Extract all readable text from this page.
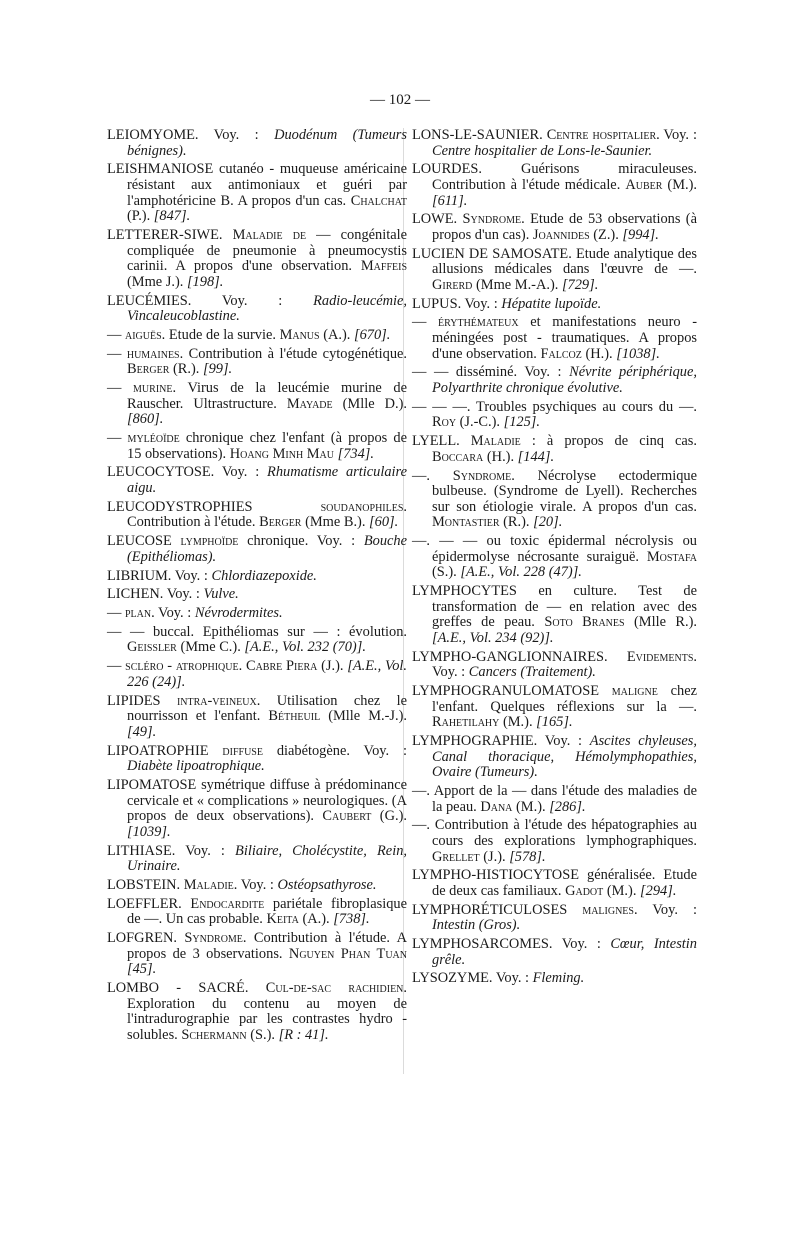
— 102 —

LEIOMYOME. Voy. : Duodénum (Tumeurs bénignes).

LEISHMANIOSE cutanéo - muqueuse américaine résistant aux antimoniaux et guéri par l'amphotéricine B. A propos d'un cas. Chalchat (P.). [847].

LETTERER-SIWE. Maladie de — congénitale compliquée de pneumonie à pneumocystis carinii. A propos d'une observation. Maffeis (Mme J.). [198].

LEUCÉMIES. Voy. : Radio-leucémie, Vincaleucoblastine.

— aiguës. Etude de la survie. Manus (A.). [670].

— humaines. Contribution à l'étude cytogénétique. Berger (R.). [99].

— murine. Virus de la leucémie murine de Rauscher. Ultrastructure. Mayade (Mlle D.). [860].

— myléoïde chronique chez l'enfant (à propos de 15 observations). Hoang Minh Mau [734].

LEUCOCYTOSE. Voy. : Rhumatisme articulaire aigu.

LEUCODYSTROPHIES soudanophiles. Contribution à l'étude. Berger (Mme B.). [60].

LEUCOSE lymphoïde chronique. Voy. : Bouche (Epithéliomas).

LIBRIUM. Voy. : Chlordiazepoxide.

LICHEN. Voy. : Vulve.

— plan. Voy. : Névrodermites.

— — buccal. Epithéliomas sur — : évolution. Geissler (Mme C.). [A.E., Vol. 232 (70)].

— scléro - atrophique. Cabre Piera (J.). [A.E., Vol. 226 (24)].

LIPIDES intra-veineux. Utilisation chez le nourrisson et l'enfant. Bétheuil (Mlle M.-J.). [49].

LIPOATROPHIE diffuse diabétogène. Voy. : Diabète lipoatrophique.

LIPOMATOSE symétrique diffuse à prédominance cervicale et « complications » neurologiques. (A propos de deux observations). Caubert (G.). [1039].

LITHIASE. Voy. : Biliaire, Cholécystite, Rein, Urinaire.

LOBSTEIN. Maladie. Voy. : Ostéopsathyrose.

LOEFFLER. Endocardite pariétale fibroplasique de —. Un cas probable. Keita (A.). [738].

LOFGREN. Syndrome. Contribution à l'étude. A propos de 3 observations. Nguyen Phan Tuan [45].

LOMBO - SACRÉ. Cul-de-sac rachidien. Exploration du contenu au moyen de l'intradurographie par les contrastes hydro - solubles. Schermann (S.). [R : 41].

LONS-LE-SAUNIER. Centre hospitalier. Voy. : Centre hospitalier de Lons-le-Saunier.

LOURDES. Guérisons miraculeuses. Contribution à l'étude médicale. Auber (M.). [611].

LOWE. Syndrome. Etude de 53 observations (à propos d'un cas). Joannides (Z.). [994].

LUCIEN DE SAMOSATE. Etude analytique des allusions médicales dans l'œuvre de —. Girerd (Mme M.-A.). [729].

LUPUS. Voy. : Hépatite lupoïde.

— érythémateux et manifestations neuro - méningées post - traumatiques. A propos d'une observation. Falcoz (H.). [1038].

— — disséminé. Voy. : Névrite périphérique, Polyarthrite chronique évolutive.

— — —. Troubles psychiques au cours du —. Roy (J.-C.). [125].

LYELL. Maladie : à propos de cinq cas. Boccara (H.). [144].

—. Syndrome. Nécrolyse ectodermique bulbeuse. (Syndrome de Lyell). Recherches sur son étiologie virale. A propos d'un cas. Montastier (R.). [20].

—. — — ou toxic épidermal nécrolysis ou épidermolyse nécrosante suraiguë. Mostafa (S.). [A.E., Vol. 228 (47)].

LYMPHOCYTES en culture. Test de transformation de — en relation avec des greffes de peau. Soto Branes (Mlle R.). [A.E., Vol. 234 (92)].

LYMPHO-GANGLIONNAIRES. Evidements. Voy. : Cancers (Traitement).

LYMPHOGRANULOMATOSE maligne chez l'enfant. Quelques réflexions sur la —. Rahetilahy (M.). [165].

LYMPHOGRAPHIE. Voy. : Ascites chyleuses, Canal thoracique, Hémolymphopathies, Ovaire (Tumeurs).

—. Apport de la — dans l'étude des maladies de la peau. Dana (M.). [286].

—. Contribution à l'étude des hépatographies au cours des explorations lymphographiques. Grellet (J.). [578].

LYMPHO-HISTIOCYTOSE généralisée. Etude de deux cas familiaux. Gadot (M.). [294].

LYMPHORÉTICULOSES malignes. Voy. : Intestin (Gros).

LYMPHOSARCOMES. Voy. : Cœur, Intestin grêle.

LYSOZYME. Voy. : Fleming.
